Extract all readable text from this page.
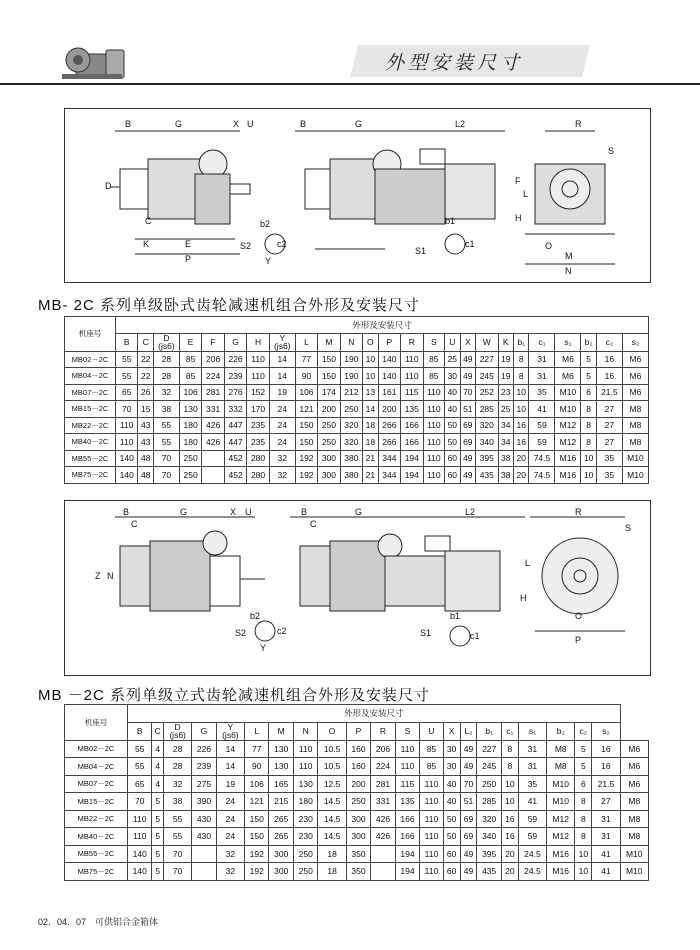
外型安装尺寸
B	G	X U
D
C
K	E
P
b2
c2
S2
Y
B	G	L2
b1
c1
S1
R
S
F
L
H
O
M
N
MB- 2C 系列单级卧式齿轮减速机组合外形及安装尺寸
机座号	外形及安装尺寸																								
	B	C	D
(js6)	E	F	G	H	Y
(js6)	L	M	N	O	P	R	S	U	X	W	K	b₁	c₁	s₁	b₂	c₂	s₂
MB02－2C	55	22	28	85	206	226	110	14	77	150	190	10	140	110	85	25	49	227	19	8	31	M6	5	16	M6
MB04－2C	55	22	28	85	224	239	110	14	90	150	190	10	140	110	85	30	49	245	19	8	31	M6	5	16	M6
MB07－2C	65	26	32	106	281	276	152	19	106	174	212	13	161	115	110	40	70	252	23	10	35	M10	6	21.5	M6
MB15－2C	70	15	38	130	331	332	170	24	121	200	250	14	200	135	110	40	51	285	25	10	41	M10	8	27	M8
MB22－2C	110	43	55	180	426	447	235	24	150	250	320	18	266	166	110	50	69	320	34	16	59	M12	8	27	M8
MB40－2C	110	43	55	180	426	447	235	24	150	250	320	18	266	166	110	50	69	340	34	16	59	M12	8	27	M8
MB55－2C	140	48	70	250		452	280	32	192	300	380	21	344	194	110	60	49	395	38	20	74.5	M16	10	35	M10
MB75－2C	140	48	70	250		452	280	32	192	300	380	21	344	194	110	60	49	435	38	20	74.5	M16	10	35	M10
B
C
G	X U
Z N
b2
c2
S2
Y
B
C
G	L2
b1
c1
S1
R
S
L
H
O
P
MB －2C 系列单级立式齿轮减速机组合外形及安装尺寸
机座号	外形及安装尺寸																					
	B	C	D
(js6)	G	Y
(js6)	L	M	N	O	P	R	S	U	X	L₂	b₁	c₁	s₁	b₂	c₂	s₂	
MB02－2C	55	4	28	226	14	77	130	110	10.5	160	206	110	85	30	49	227	8	31	M8	5	16	M6
MB04－2C	55	4	28	239	14	90	130	110	10.5	160	224	110	85	30	49	245	8	31	M8	5	16	M6
MB07－2C	65	4	32	275	19	106	165	130	12.5	200	281	115	110	40	70	250	10	35	M10	6	21.5	M6
MB15－2C	70	5	38	390	24	121	215	180	14.5	250	331	135	110	40	51	285	10	41	M10	8	27	M8
MB22－2C	110	5	55	430	24	150	265	230	14.5	300	426	166	110	50	69	320	16	59	M12	8	31	M8
MB40－2C	110	5	55	430	24	150	265	230	14.5	300	426	166	110	50	69	340	16	59	M12	8	31	M8
MB55－2C	140	5	70		32	192	300	250	18	350		194	110	60	49	395	20	24.5	M16	10	41	M10
MB75－2C	140	5	70		32	192	300	250	18	350		194	110	60	49	435	20	24.5	M16	10	41	M10
02．04．07　可供铝合金箱体
